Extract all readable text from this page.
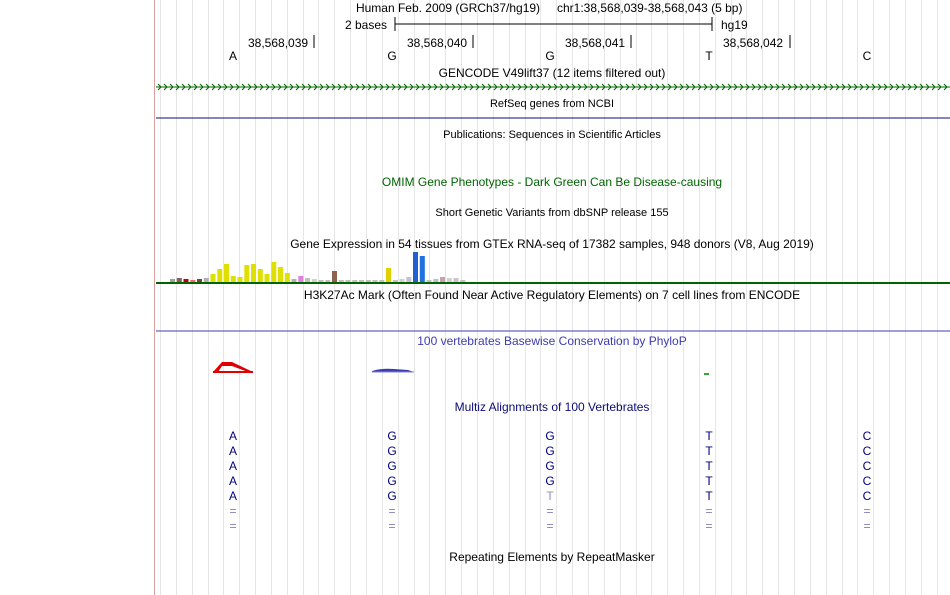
Human Feb. 2009 (GRCh37/hg19) chr1:38,568,039-38,568,043 (5 bp)
2 bases	hg19
38,568,039	38,568,040	38,568,041	38,568,042
A	G	G	T	C
GENCODE V49lift37 (12 items filtered out)
RefSeq genes from NCBI
Publications: Sequences in Scientific Articles
OMIM Gene Phenotypes - Dark Green Can Be Disease-causing
Short Genetic Variants from dbSNP release 155
Gene Expression in 54 tissues from GTEx RNA-seq of 17382 samples, 948 donors (V8, Aug 2019)
H3K27Ac Mark (Often Found Near Active Regulatory Elements) on 7 cell lines from ENCODE
100 vertebrates Basewise Conservation by PhyloP
Multiz Alignments of 100 Vertebrates
Repeating Elements by RepeatMasker
A	G	G	T	C
A	G	G	T	C
A	G	G	T	C
A	G	G	T	C
A	G	T	T	C
=	=	=	=	=
=	=	=	=	=
